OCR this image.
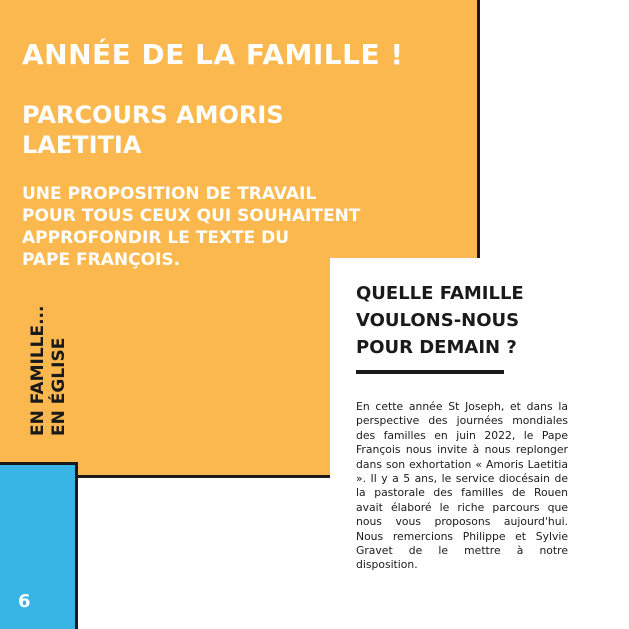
ANNÉE DE LA FAMILLE !
PARCOURS AMORIS LAETITIA

UNE PROPOSITION DE TRAVAIL
POUR TOUS CEUX QUI SOUHAITENT
APPROFONDIR LE TEXTE DU
PAPE FRANÇOIS.

EN FAMILLE... EN ÉGLISE
6
QUELLE FAMILLE
VOULONS-NOUS
POUR DEMAIN ?

En cette année St Joseph, et dans la perspective des journées mondiales des familles en juin 2022, le Pape François nous invite à nous replonger dans son exhortation « Amoris Laetitia ». Il y a 5 ans, le service diocésain de la pastorale des familles de Rouen avait élaboré le riche parcours que nous vous proposons aujourd'hui. Nous remercions Philippe et Sylvie Gravet de le mettre à notre disposition.
